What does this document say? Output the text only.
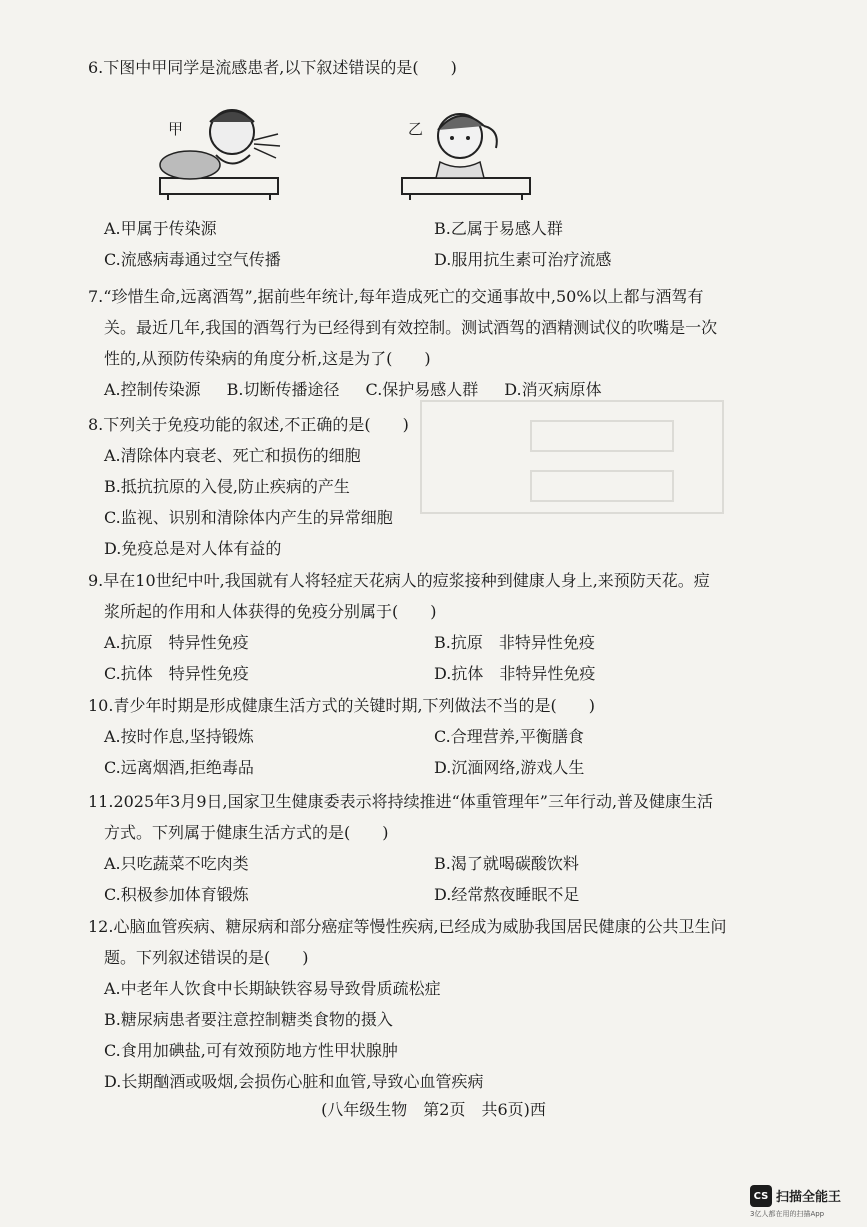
6.下图中甲同学是流感患者,以下叙述错误的是(　　)
甲	乙
A.甲属于传染源	B.乙属于易感人群
C.流感病毒通过空气传播	D.服用抗生素可治疗流感
7.“珍惜生命,远离酒驾”,据前些年统计,每年造成死亡的交通事故中,50%以上都与酒驾有
关。最近几年,我国的酒驾行为已经得到有效控制。测试酒驾的酒精测试仪的吹嘴是一次
性的,从预防传染病的角度分析,这是为了(　　)
A.控制传染源 B.切断传播途径 C.保护易感人群 D.消灭病原体
8.下列关于免疫功能的叙述,不正确的是(　　)
A.清除体内衰老、死亡和损伤的细胞
B.抵抗抗原的入侵,防止疾病的产生
C.监视、识别和清除体内产生的异常细胞
D.免疫总是对人体有益的
9.早在10世纪中叶,我国就有人将轻症天花病人的痘浆接种到健康人身上,来预防天花。痘
浆所起的作用和人体获得的免疫分别属于(　　)
A.抗原　特异性免疫	B.抗原　非特异性免疫
C.抗体　特异性免疫	D.抗体　非特异性免疫
10.青少年时期是形成健康生活方式的关键时期,下列做法不当的是(　　)
A.按时作息,坚持锻炼	C.合理营养,平衡膳食
C.远离烟酒,拒绝毒品	D.沉湎网络,游戏人生
11.2025年3月9日,国家卫生健康委表示将持续推进“体重管理年”三年行动,普及健康生活
方式。下列属于健康生活方式的是(　　)
A.只吃蔬菜不吃肉类	B.渴了就喝碳酸饮料
C.积极参加体育锻炼	D.经常熬夜睡眠不足
12.心脑血管疾病、糖尿病和部分癌症等慢性疾病,已经成为威胁我国居民健康的公共卫生问
题。下列叙述错误的是(　　)
A.中老年人饮食中长期缺铁容易导致骨质疏松症
B.糖尿病患者要注意控制糖类食物的摄入
C.食用加碘盐,可有效预防地方性甲状腺肿
D.长期酗酒或吸烟,会损伤心脏和血管,导致心血管疾病
(八年级生物　第2页　共6页)西
CS 扫描全能王
3亿人都在用的扫描App
